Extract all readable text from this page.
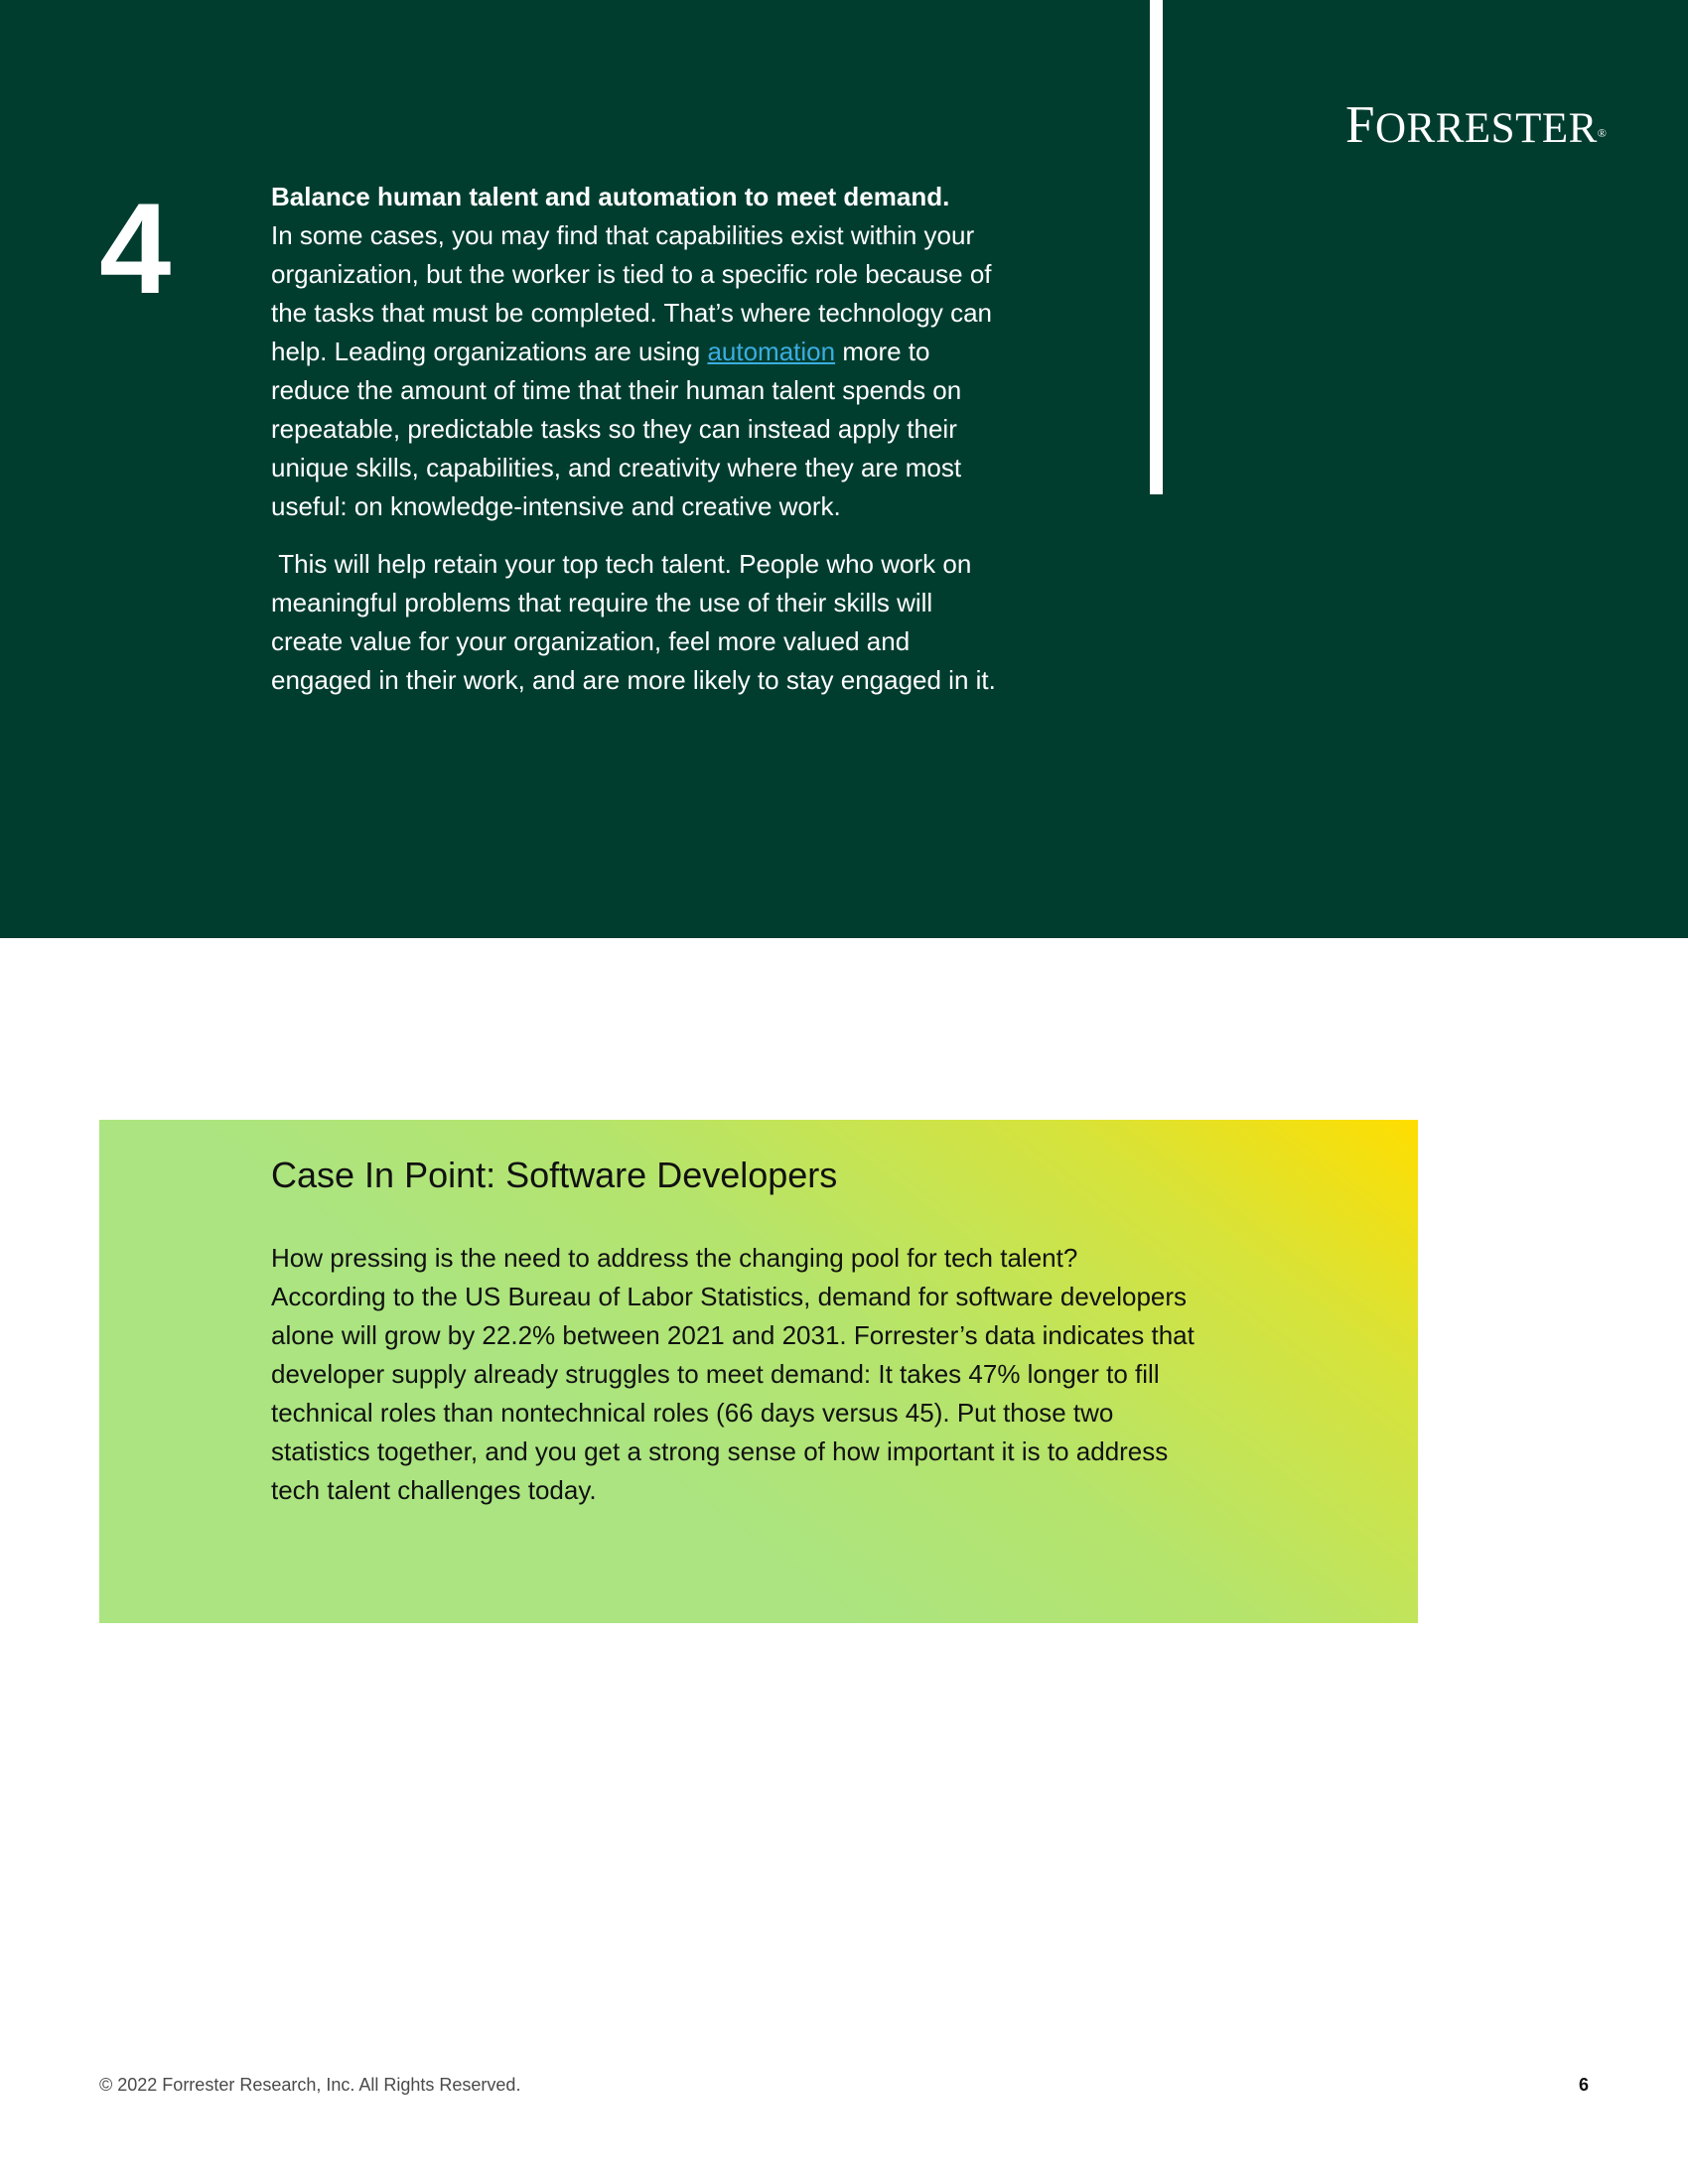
FORRESTER®
4	Balance human talent and automation to meet demand.
In some cases, you may find that capabilities exist within your organization, but the worker is tied to a specific role because of the tasks that must be completed. That’s where technology can help. Leading organizations are using automation more to reduce the amount of time that their human talent spends on repeatable, predictable tasks so they can instead apply their unique skills, capabilities, and creativity where they are most useful: on knowledge-intensive and creative work.

This will help retain your top tech talent. People who work on meaningful problems that require the use of their skills will create value for your organization, feel more valued and engaged in their work, and are more likely to stay engaged in it.

Case In Point: Software Developers

How pressing is the need to address the changing pool for tech talent? According to the US Bureau of Labor Statistics, demand for software developers alone will grow by 22.2% between 2021 and 2031. Forrester’s data indicates that developer supply already struggles to meet demand: It takes 47% longer to fill technical roles than nontechnical roles (66 days versus 45). Put those two statistics together, and you get a strong sense of how important it is to address tech talent challenges today.

© 2022 Forrester Research, Inc. All Rights Reserved.	6
